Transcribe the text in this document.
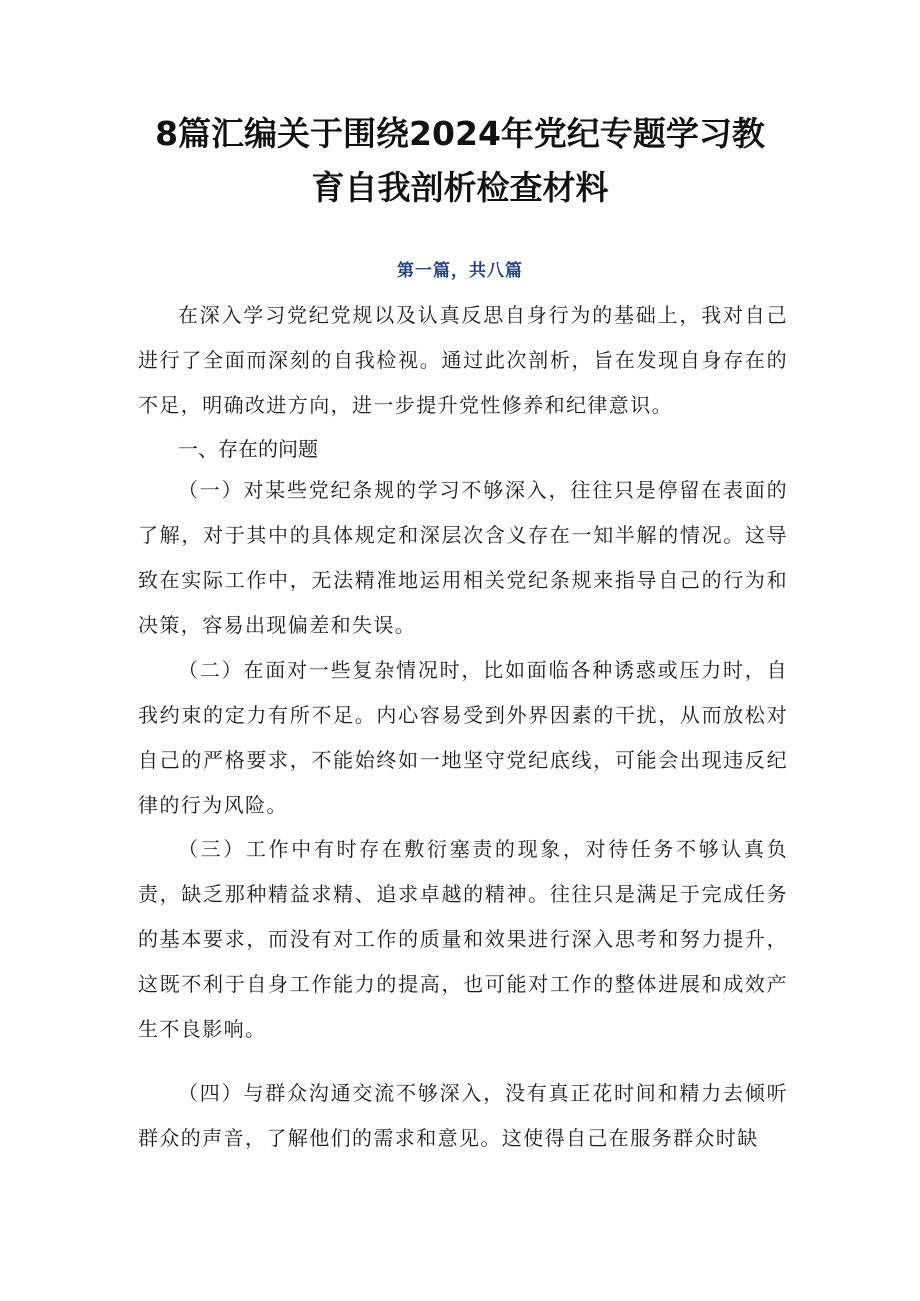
8篇汇编关于围绕2024年党纪专题学习教
育自我剖析检查材料
第一篇，共八篇

在深入学习党纪党规以及认真反思自身行为的基础上，我对自己进行了全面而深刻的自我检视。通过此次剖析，旨在发现自身存在的不足，明确改进方向，进一步提升党性修养和纪律意识。

一、存在的问题

（一）对某些党纪条规的学习不够深入，往往只是停留在表面的了解，对于其中的具体规定和深层次含义存在一知半解的情况。这导致在实际工作中，无法精准地运用相关党纪条规来指导自己的行为和决策，容易出现偏差和失误。

（二）在面对一些复杂情况时，比如面临各种诱惑或压力时，自我约束的定力有所不足。内心容易受到外界因素的干扰，从而放松对自己的严格要求，不能始终如一地坚守党纪底线，可能会出现违反纪律的行为风险。

（三）工作中有时存在敷衍塞责的现象，对待任务不够认真负责，缺乏那种精益求精、追求卓越的精神。往往只是满足于完成任务的基本要求，而没有对工作的质量和效果进行深入思考和努力提升，这既不利于自身工作能力的提高，也可能对工作的整体进展和成效产生不良影响。

（四）与群众沟通交流不够深入，没有真正花时间和精力去倾听群众的声音，了解他们的需求和意见。这使得自己在服务群众时缺
